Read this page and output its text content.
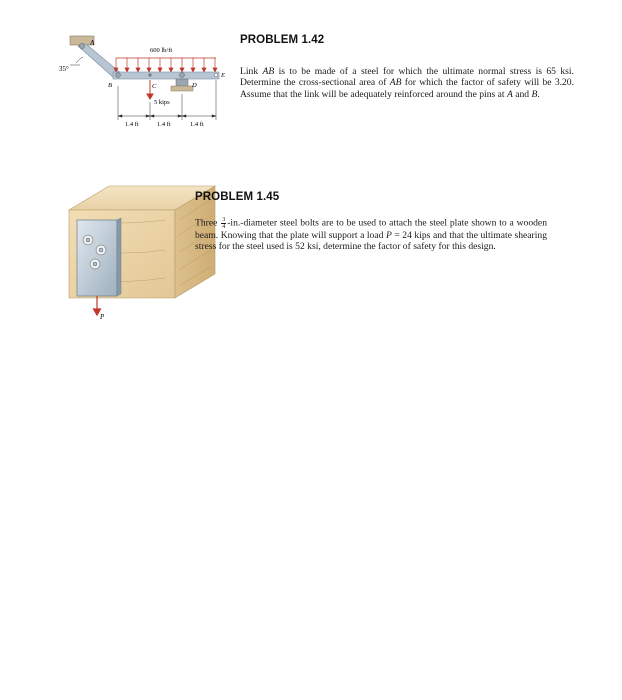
A
35°
600 lb/ft
B	C	D
E
5 kips
1.4 ft	1.4 ft	1.4 ft
PROBLEM 1.42
Link AB is to be made of a steel for which the ultimate normal stress is 65 ksi. Determine the cross-sectional area of AB for which the factor of safety will be 3.20. Assume that the link will be adequately reinforced around the pins at A and B.
P
PROBLEM 1.45
Three $\frac{3}{4}$ -in.-diameter steel bolts are to be used to attach the steel plate shown to a wooden beam. Knowing that the plate will support a load P = 24 kips and that the ultimate shearing stress for the steel used is 52 ksi, determine the factor of safety for this design.
